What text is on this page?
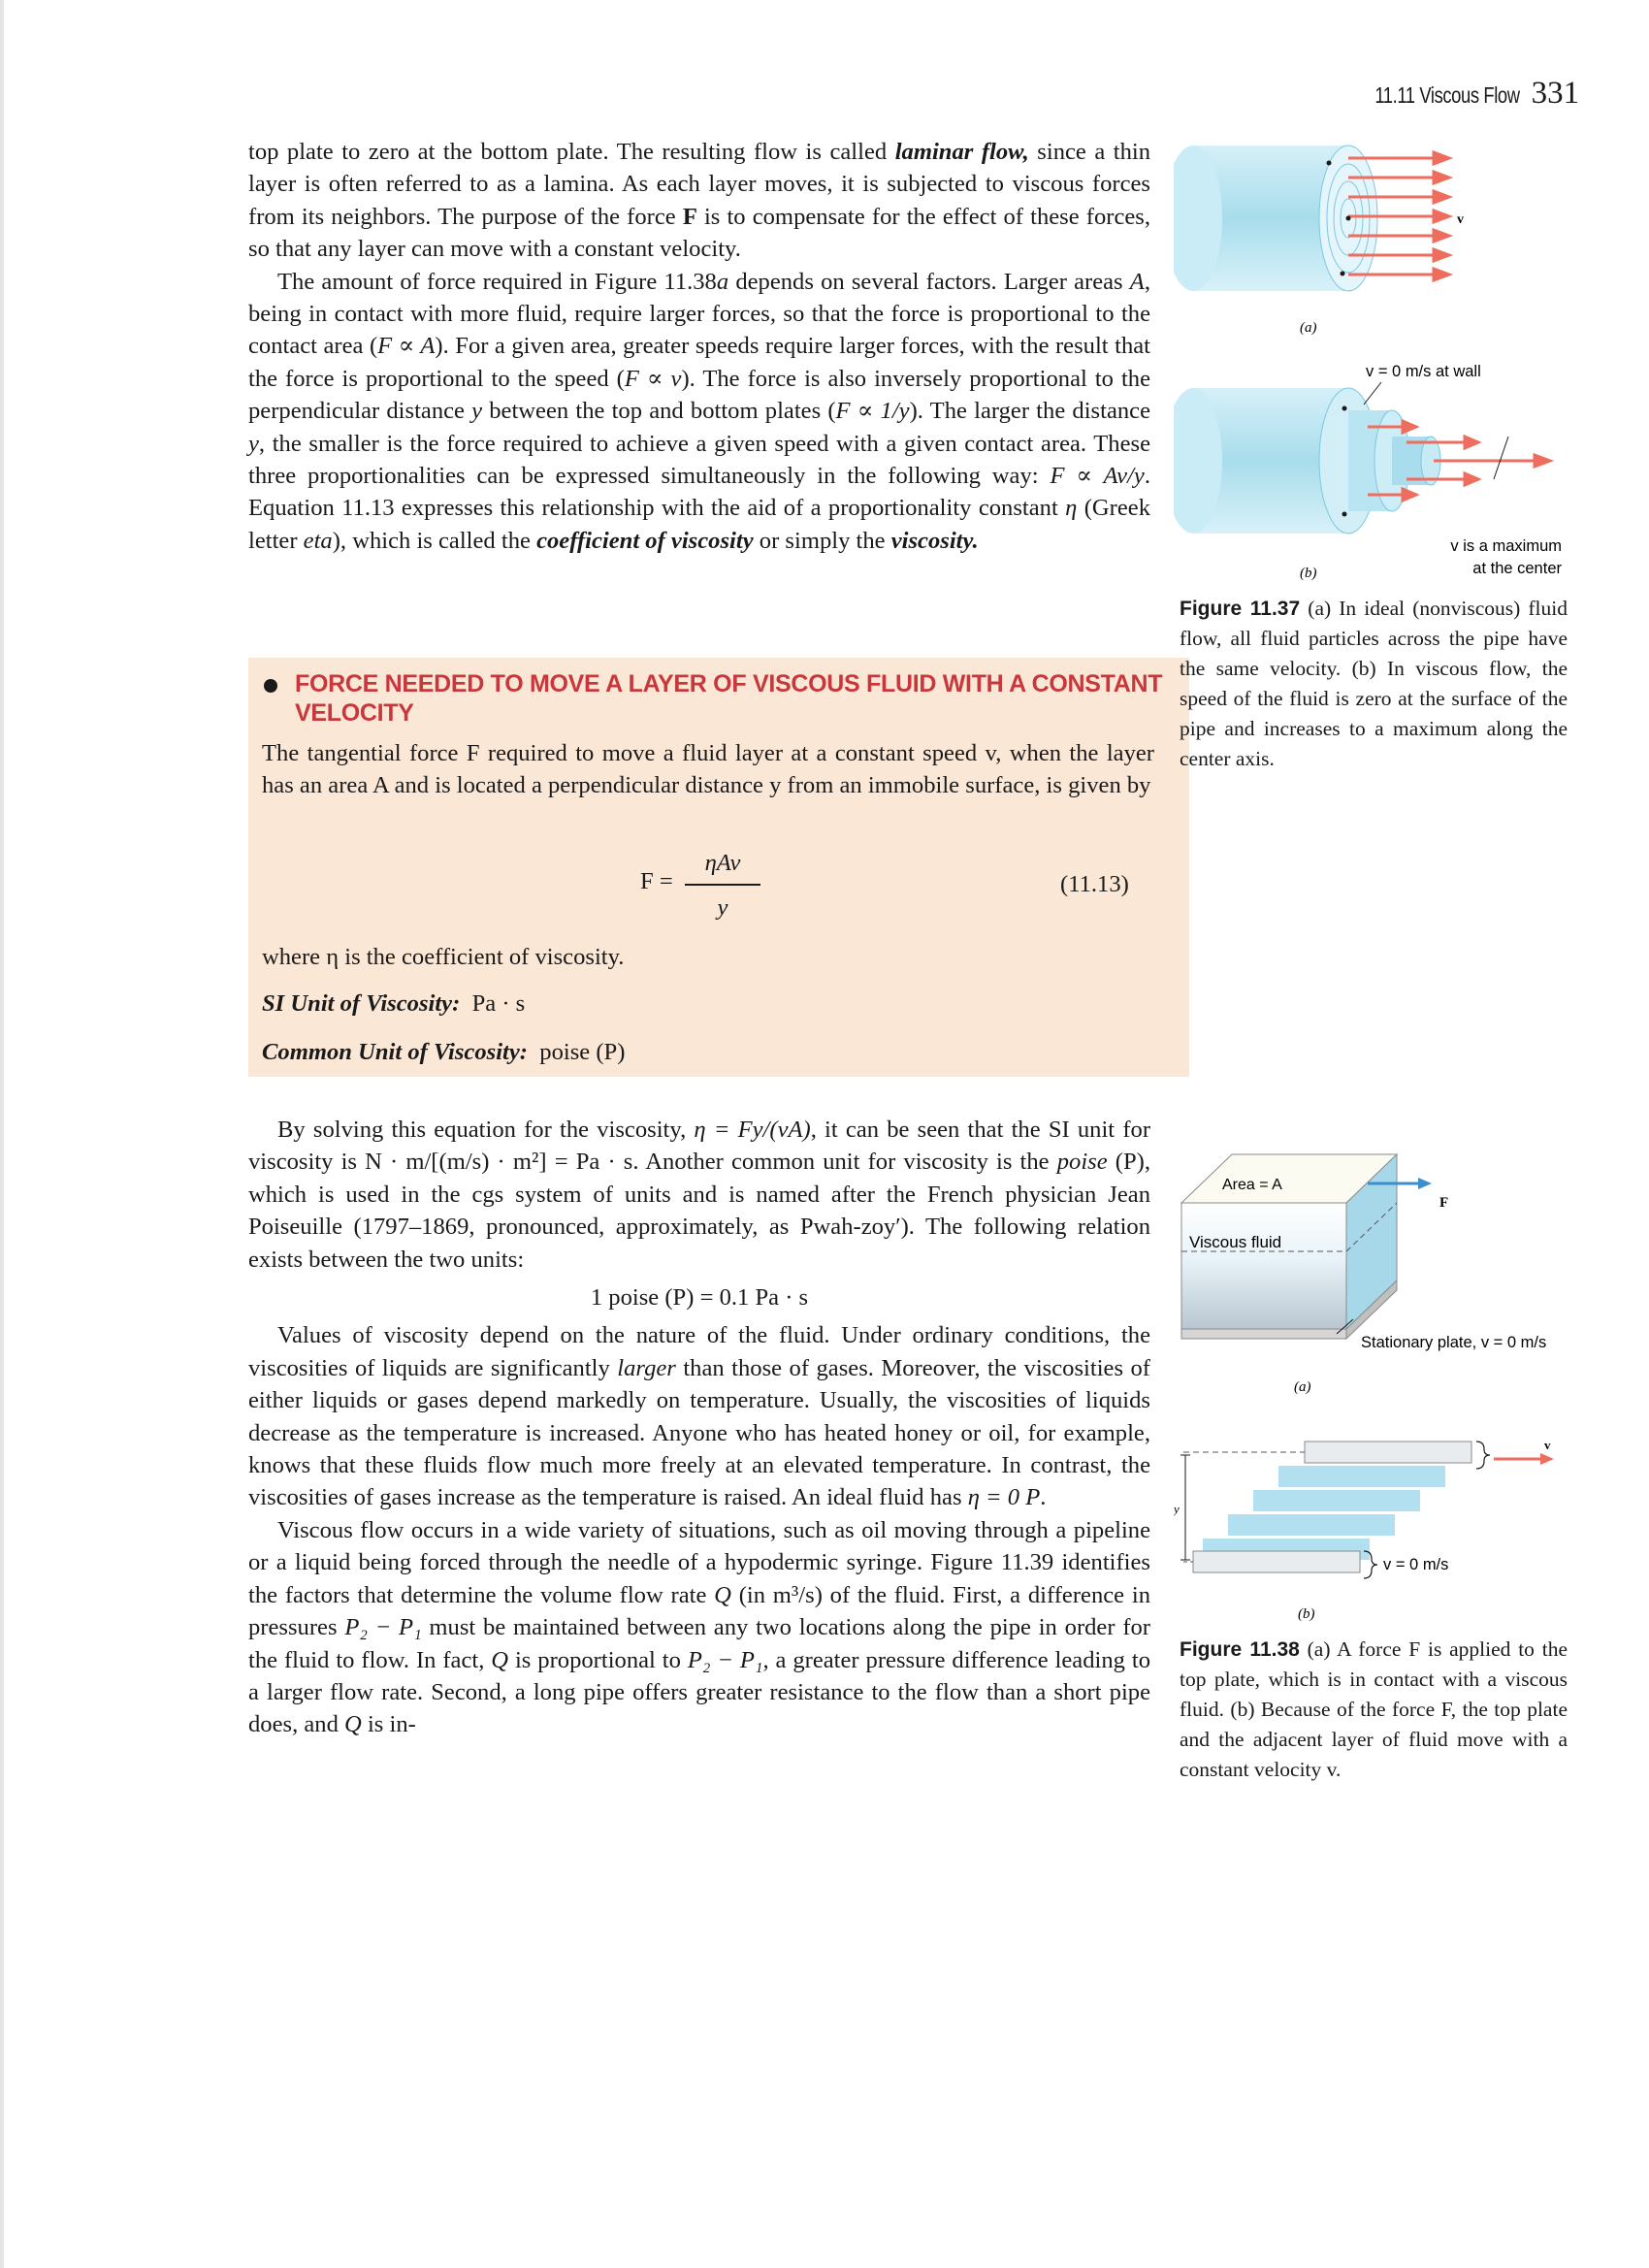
11.11 Viscous Flow 331

top plate to zero at the bottom plate. The resulting flow is called laminar flow, since a thin layer is often referred to as a lamina. As each layer moves, it is subjected to viscous forces from its neighbors. The purpose of the force F is to compensate for the effect of these forces, so that any layer can move with a constant velocity.

The amount of force required in Figure 11.38a depends on several factors. Larger areas A, being in contact with more fluid, require larger forces, so that the force is proportional to the contact area (F ∝ A). For a given area, greater speeds require larger forces, with the result that the force is proportional to the speed (F ∝ v). The force is also inversely proportional to the perpendicular distance y between the top and bottom plates (F ∝ 1/y). The larger the distance y, the smaller is the force required to achieve a given speed with a given contact area. These three proportionalities can be expressed simultaneously in the following way: F ∝ Av/y. Equation 11.13 expresses this relationship with the aid of a proportionality constant η (Greek letter eta), which is called the coefficient of viscosity or simply the viscosity.

FORCE NEEDED TO MOVE A LAYER OF VISCOUS FLUID WITH A CONSTANT VELOCITY
The tangential force F required to move a fluid layer at a constant speed v, when the layer has an area A and is located a perpendicular distance y from an immobile surface, is given by
F =
ηAv
y
(11.13)
where η is the coefficient of viscosity.
SI Unit of Viscosity: Pa · s
Common Unit of Viscosity: poise (P)

By solving this equation for the viscosity, η = Fy/(vA), it can be seen that the SI unit for viscosity is N · m/[(m/s) · m²] = Pa · s. Another common unit for viscosity is the poise (P), which is used in the cgs system of units and is named after the French physician Jean Poiseuille (1797–1869, pronounced, approximately, as Pwah-zoy′). The following relation exists between the two units:

1 poise (P) = 0.1 Pa · s

Values of viscosity depend on the nature of the fluid. Under ordinary conditions, the viscosities of liquids are significantly larger than those of gases. Moreover, the viscosities of either liquids or gases depend markedly on temperature. Usually, the viscosities of liquids decrease as the temperature is increased. Anyone who has heated honey or oil, for example, knows that these fluids flow much more freely at an elevated temperature. In contrast, the viscosities of gases increase as the temperature is raised. An ideal fluid has η = 0 P.

Viscous flow occurs in a wide variety of situations, such as oil moving through a pipeline or a liquid being forced through the needle of a hypodermic syringe. Figure 11.39 identifies the factors that determine the volume flow rate Q (in m³/s) of the fluid. First, a difference in pressures P₂ − P₁ must be maintained between any two locations along the pipe in order for the fluid to flow. In fact, Q is proportional to P₂ − P₁, a greater pressure difference leading to a larger flow rate. Second, a long pipe offers greater resistance to the flow than a short pipe does, and Q is in-

v
(a)
v = 0 m/s at wall
v is a maximum
at the center
(b)
Figure 11.37 (a) In ideal (nonviscous) fluid flow, all fluid particles across the pipe have the same velocity. (b) In viscous flow, the speed of the fluid is zero at the surface of the pipe and increases to a maximum along the center axis.
Area = A
Viscous fluid
F
Stationary plate, v = 0 m/s
(a)
y
v
v = 0 m/s
(b)
Figure 11.38 (a) A force F is applied to the top plate, which is in contact with a viscous fluid. (b) Because of the force F, the top plate and the adjacent layer of fluid move with a constant velocity v.
